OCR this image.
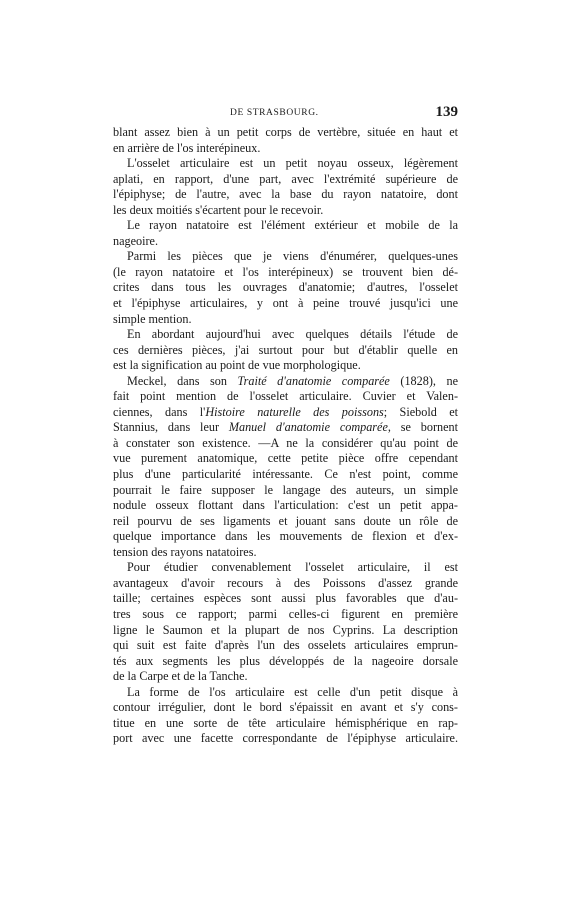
DE STRASBOURG.	139
blant assez bien à un petit corps de vertèbre, située en haut et
en arrière de l'os interépineux.
L'osselet articulaire est un petit noyau osseux, légèrement
aplati, en rapport, d'une part, avec l'extrémité supérieure de
l'épiphyse; de l'autre, avec la base du rayon natatoire, dont
les deux moitiés s'écartent pour le recevoir.
Le rayon natatoire est l'élément extérieur et mobile de la
nageoire.
Parmi les pièces que je viens d'énumérer, quelques-unes
(le rayon natatoire et l'os interépineux) se trouvent bien dé-
crites dans tous les ouvrages d'anatomie; d'autres, l'osselet
et l'épiphyse articulaires, y ont à peine trouvé jusqu'ici une
simple mention.
En abordant aujourd'hui avec quelques détails l'étude de
ces dernières pièces, j'ai surtout pour but d'établir quelle en
est la signification au point de vue morphologique.
Meckel, dans son Traité d'anatomie comparée (1828), ne
fait point mention de l'osselet articulaire. Cuvier et Valen-
ciennes, dans l'Histoire naturelle des poissons; Siebold et
Stannius, dans leur Manuel d'anatomie comparée, se bornent
à constater son existence. —A ne la considérer qu'au point de
vue purement anatomique, cette petite pièce offre cependant
plus d'une particularité intéressante. Ce n'est point, comme
pourrait le faire supposer le langage des auteurs, un simple
nodule osseux flottant dans l'articulation: c'est un petit appa-
reil pourvu de ses ligaments et jouant sans doute un rôle de
quelque importance dans les mouvements de flexion et d'ex-
tension des rayons natatoires.
Pour étudier convenablement l'osselet articulaire, il est
avantageux d'avoir recours à des Poissons d'assez grande
taille; certaines espèces sont aussi plus favorables que d'au-
tres sous ce rapport; parmi celles-ci figurent en première
ligne le Saumon et la plupart de nos Cyprins. La description
qui suit est faite d'après l'un des osselets articulaires emprun-
tés aux segments les plus développés de la nageoire dorsale
de la Carpe et de la Tanche.
La forme de l'os articulaire est celle d'un petit disque à
contour irrégulier, dont le bord s'épaissit en avant et s'y cons-
titue en une sorte de tête articulaire hémisphérique en rap-
port avec une facette correspondante de l'épiphyse articulaire.
